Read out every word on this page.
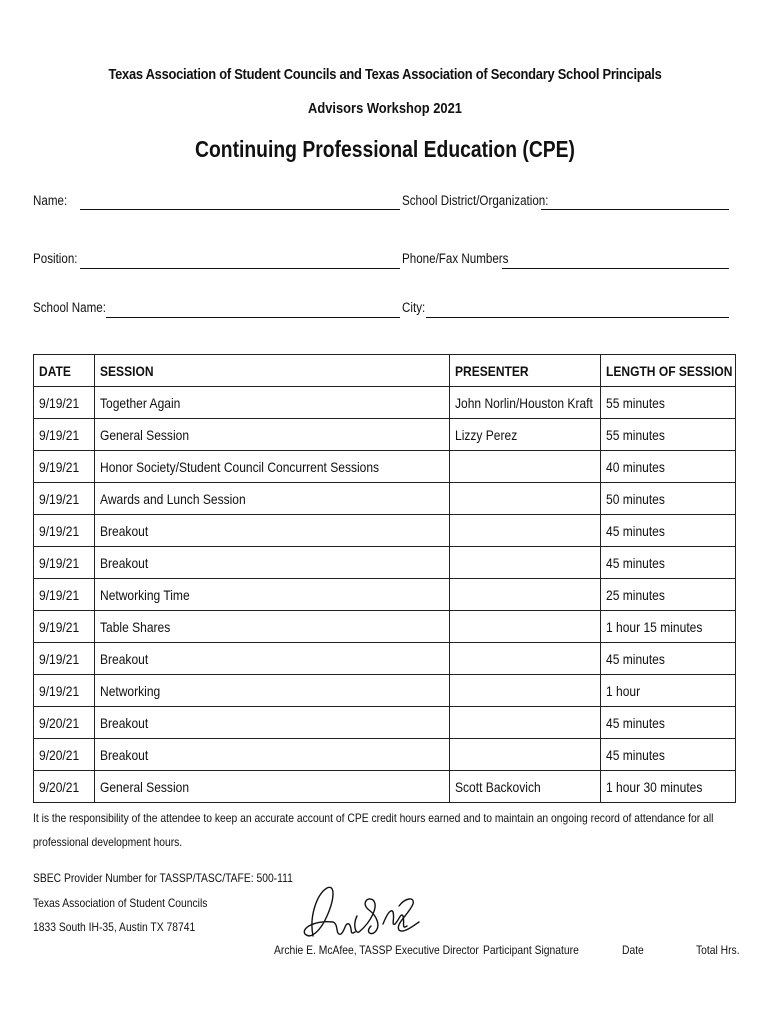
Texas Association of Student Councils and Texas Association of Secondary School Principals
Advisors Workshop 2021
Continuing Professional Education (CPE)
Name:	School District/Organization:
Position:	Phone/Fax Numbers
School Name:	City:
DATE	SESSION	PRESENTER	LENGTH OF SESSION
9/19/21	Together Again	John Norlin/Houston Kraft	55 minutes
9/19/21	General Session	Lizzy Perez	55 minutes
9/19/21	Honor Society/Student Council Concurrent Sessions		40 minutes
9/19/21	Awards and Lunch Session		50 minutes
9/19/21	Breakout		45 minutes
9/19/21	Breakout		45 minutes
9/19/21	Networking Time		25 minutes
9/19/21	Table Shares		1 hour 15 minutes
9/19/21	Breakout		45 minutes
9/19/21	Networking		1 hour
9/20/21	Breakout		45 minutes
9/20/21	Breakout		45 minutes
9/20/21	General Session	Scott Backovich	1 hour 30 minutes
It is the responsibility of the attendee to keep an accurate account of CPE credit hours earned and to maintain an ongoing record of attendance for all professional development hours.
SBEC Provider Number for TASSP/TASC/TAFE: 500-111
Texas Association of Student Councils
1833 South IH-35, Austin TX 78741
Archie E. McAfee, TASSP Executive Director Participant Signature	Date	Total Hrs.
